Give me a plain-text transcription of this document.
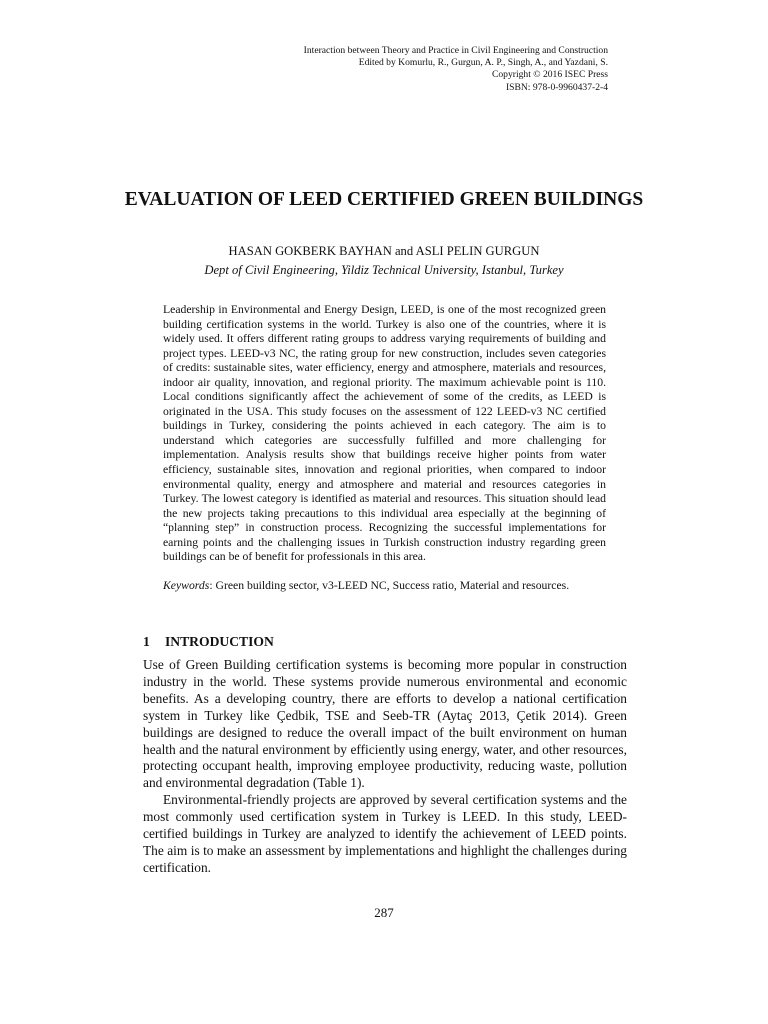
Interaction between Theory and Practice in Civil Engineering and Construction
Edited by Komurlu, R., Gurgun, A. P., Singh, A., and Yazdani, S.
Copyright © 2016 ISEC Press
ISBN: 978-0-9960437-2-4
EVALUATION OF LEED CERTIFIED GREEN BUILDINGS
HASAN GOKBERK BAYHAN and ASLI PELIN GURGUN
Dept of Civil Engineering, Yildiz Technical University, Istanbul, Turkey

Leadership in Environmental and Energy Design, LEED, is one of the most recognized green building certification systems in the world. Turkey is also one of the countries, where it is widely used. It offers different rating groups to address varying requirements of building and project types. LEED-v3 NC, the rating group for new construction, includes seven categories of credits: sustainable sites, water efficiency, energy and atmosphere, materials and resources, indoor air quality, innovation, and regional priority. The maximum achievable point is 110. Local conditions significantly affect the achievement of some of the credits, as LEED is originated in the USA. This study focuses on the assessment of 122 LEED-v3 NC certified buildings in Turkey, considering the points achieved in each category. The aim is to understand which categories are successfully fulfilled and more challenging for implementation. Analysis results show that buildings receive higher points from water efficiency, sustainable sites, innovation and regional priorities, when compared to indoor environmental quality, energy and atmosphere and material and resources categories in Turkey. The lowest category is identified as material and resources. This situation should lead the new projects taking precautions to this individual area especially at the beginning of “planning step” in construction process. Recognizing the successful implementations for earning points and the challenging issues in Turkish construction industry regarding green buildings can be of benefit for professionals in this area.

Keywords: Green building sector, v3-LEED NC, Success ratio, Material and resources.

1 INTRODUCTION

Use of Green Building certification systems is becoming more popular in construction industry in the world. These systems provide numerous environmental and economic benefits. As a developing country, there are efforts to develop a national certification system in Turkey like Çedbik, TSE and Seeb-TR (Aytaç 2013, Çetik 2014). Green buildings are designed to reduce the overall impact of the built environment on human health and the natural environment by efficiently using energy, water, and other resources, protecting occupant health, improving employee productivity, reducing waste, pollution and environmental degradation (Table 1).

Environmental-friendly projects are approved by several certification systems and the most commonly used certification system in Turkey is LEED. In this study, LEED-certified buildings in Turkey are analyzed to identify the achievement of LEED points. The aim is to make an assessment by implementations and highlight the challenges during certification.

287
